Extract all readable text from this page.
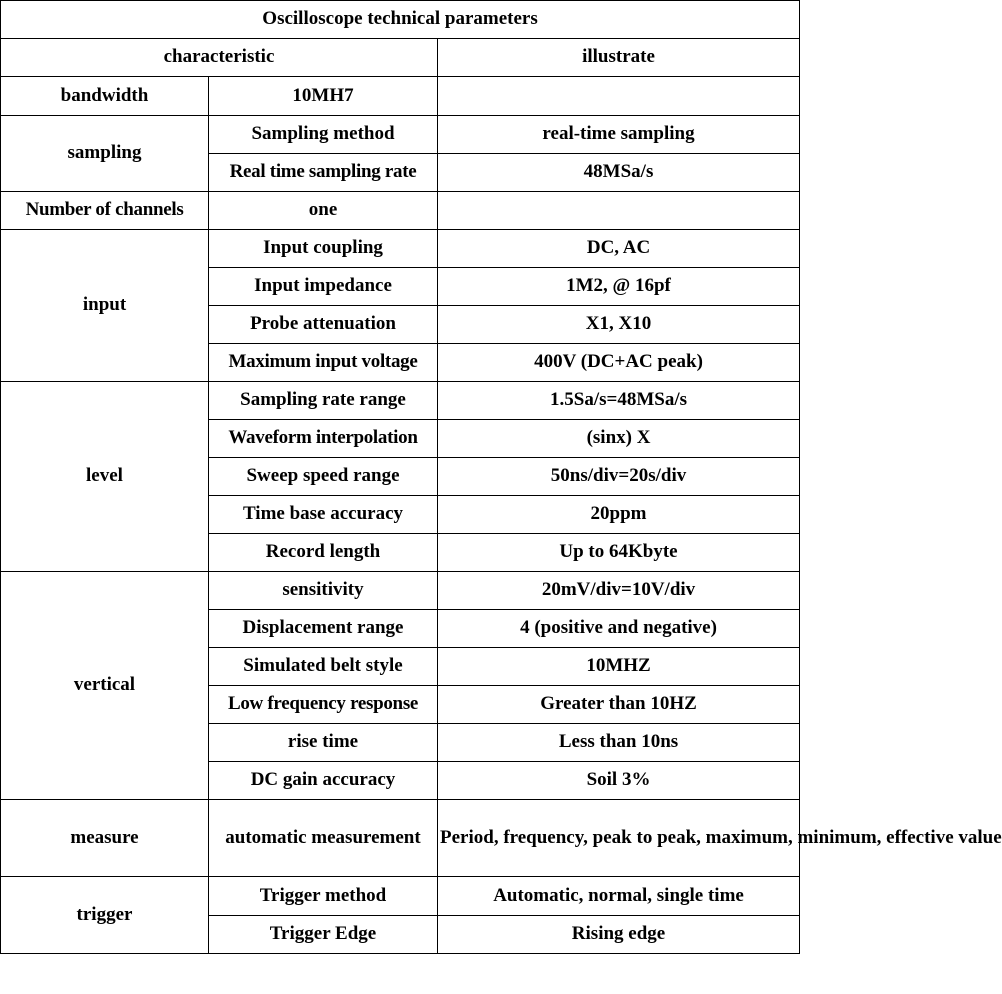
Oscilloscope technical parameters		
characteristic		illustrate
bandwidth	10MH7	
sampling	Sampling method	real-time sampling
	Real time sampling rate	48MSa/s
Number of channels	one	
input	Input coupling	DC, AC
	Input impedance	1M2, @ 16pf
	Probe attenuation	X1, X10
	Maximum input voltage	400V (DC+AC peak)
level	Sampling rate range	1.5Sa/s=48MSa/s
	Waveform interpolation	(sinx) X
	Sweep speed range	50ns/div=20s/div
	Time base accuracy	20ppm
	Record length	Up to 64Kbyte
vertical	sensitivity	20mV/div=10V/div
	Displacement range	4 (positive and negative)
	Simulated belt style	10MHZ
	Low frequency response	Greater than 10HZ
	rise time	Less than 10ns
	DC gain accuracy	Soil 3%
measure	automatic measurement	Period, frequency, peak to peak, maximum, minimum, effective value
trigger	Trigger method	Automatic, normal, single time
	Trigger Edge	Rising edge
